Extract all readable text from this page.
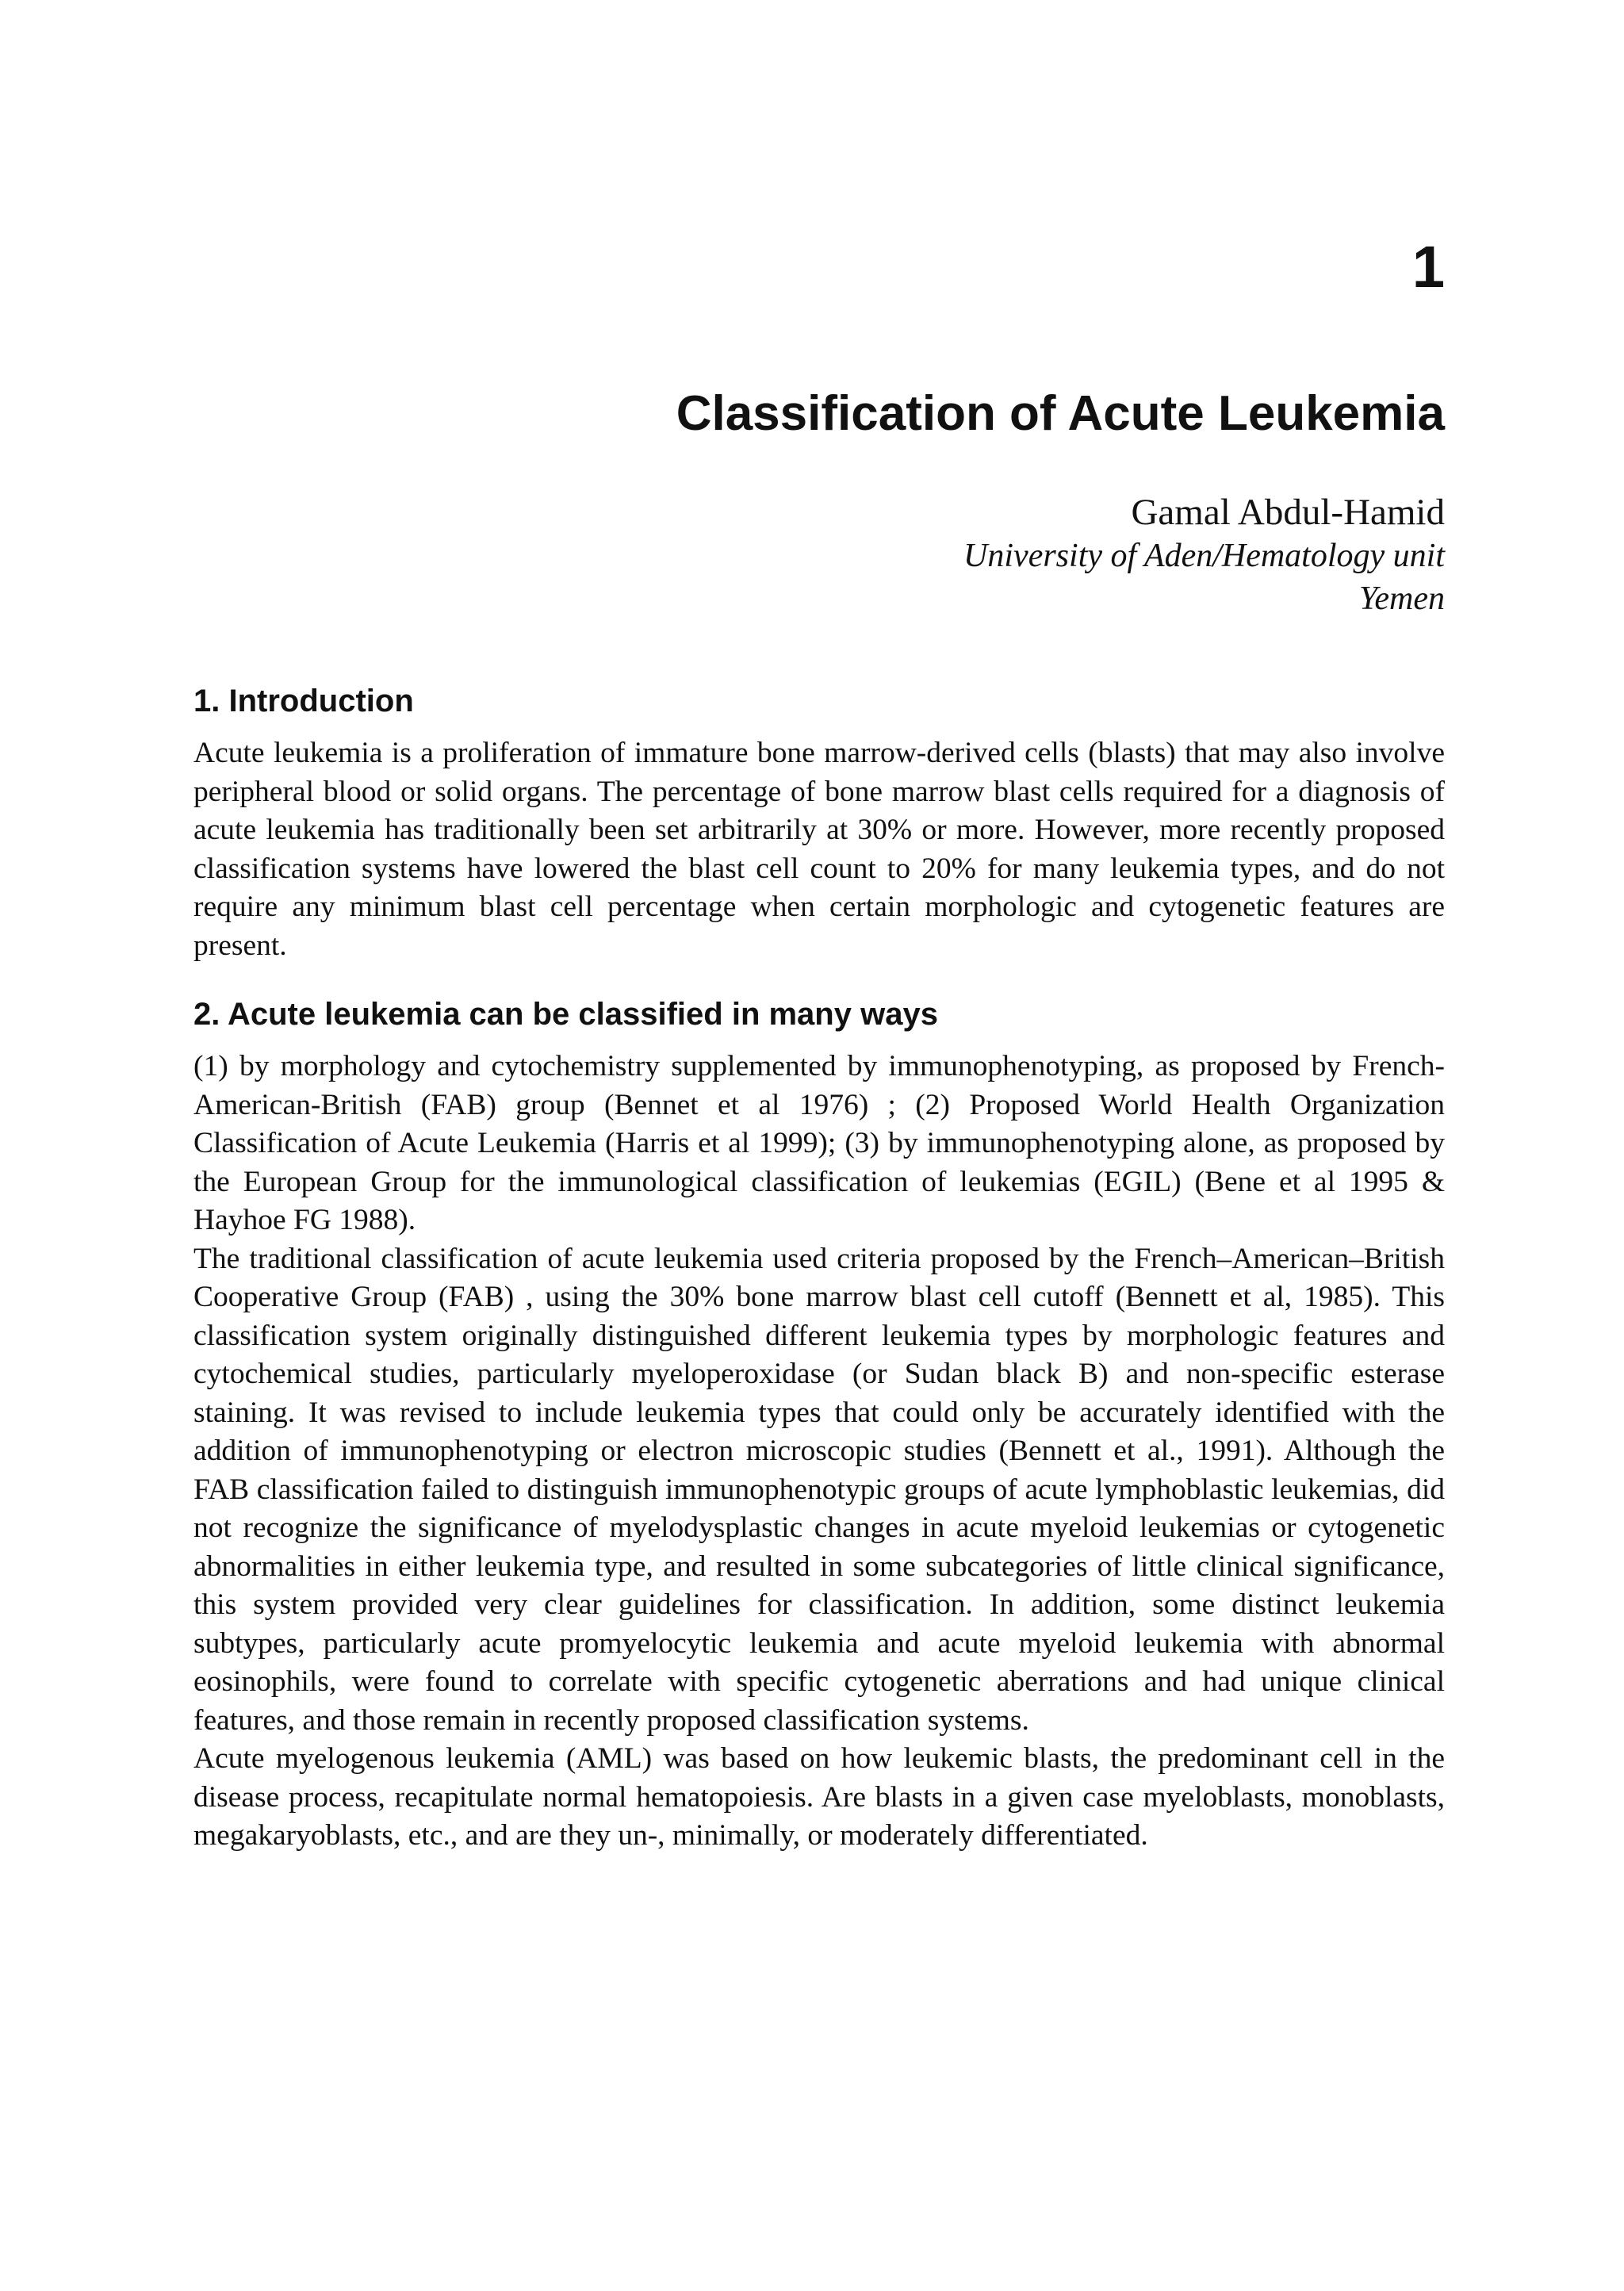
1
Classification of Acute Leukemia
Gamal Abdul-Hamid
University of Aden/Hematology unit
Yemen
1. Introduction

Acute leukemia is a proliferation of immature bone marrow-derived cells (blasts) that may also involve peripheral blood or solid organs. The percentage of bone marrow blast cells required for a diagnosis of acute leukemia has traditionally been set arbitrarily at 30% or more. However, more recently proposed classification systems have lowered the blast cell count to 20% for many leukemia types, and do not require any minimum blast cell percentage when certain morphologic and cytogenetic features are present.

2. Acute leukemia can be classified in many ways

(1) by morphology and cytochemistry supplemented by immunophenotyping, as proposed by French-American-British (FAB) group (Bennet et al 1976) ; (2) Proposed World Health Organization Classification of Acute Leukemia (Harris et al 1999); (3) by immunophenotyping alone, as proposed by the European Group for the immunological classification of leukemias (EGIL) (Bene et al 1995 & Hayhoe FG 1988).

The traditional classification of acute leukemia used criteria proposed by the French–American–British Cooperative Group (FAB) , using the 30% bone marrow blast cell cutoff (Bennett et al, 1985). This classification system originally distinguished different leukemia types by morphologic features and cytochemical studies, particularly myeloperoxidase (or Sudan black B) and non-specific esterase staining. It was revised to include leukemia types that could only be accurately identified with the addition of immunophenotyping or electron microscopic studies (Bennett et al., 1991). Although the FAB classification failed to distinguish immunophenotypic groups of acute lymphoblastic leukemias, did not recognize the significance of myelodysplastic changes in acute myeloid leukemias or cytogenetic abnormalities in either leukemia type, and resulted in some subcategories of little clinical significance, this system provided very clear guidelines for classification. In addition, some distinct leukemia subtypes, particularly acute promyelocytic leukemia and acute myeloid leukemia with abnormal eosinophils, were found to correlate with specific cytogenetic aberrations and had unique clinical features, and those remain in recently proposed classification systems.

Acute myelogenous leukemia (AML) was based on how leukemic blasts, the predominant cell in the disease process, recapitulate normal hematopoiesis. Are blasts in a given case myeloblasts, monoblasts, megakaryoblasts, etc., and are they un-, minimally, or moderately differentiated.
